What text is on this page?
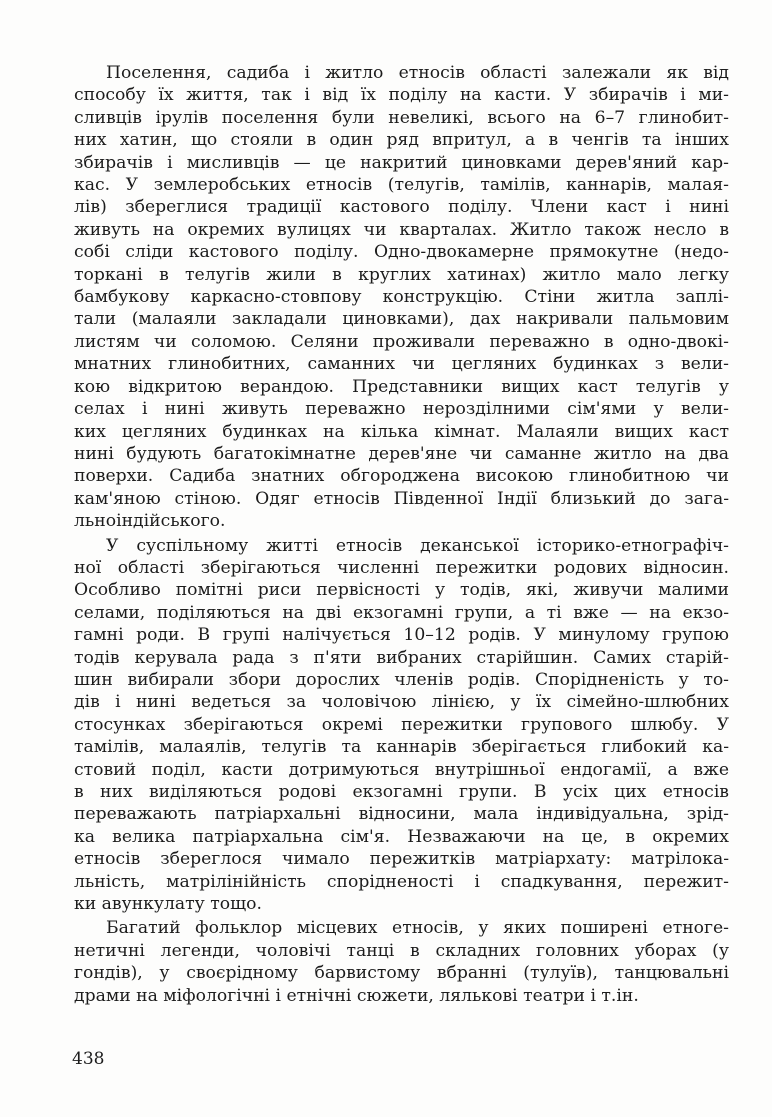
Поселення, садиба і житло етносів області залежали як від
способу їх життя, так і від їх поділу на касти. У збирачів і ми-
сливців ірулів поселення були невеликі, всього на 6–7 глинобит-
них хатин, що стояли в один ряд впритул, а в ченгів та інших
збирачів і мисливців — це накритий циновками дерев'яний кар-
кас. У землеробських етносів (телугів, тамілів, каннарів, малая-
лів) збереглися традиції кастового поділу. Члени каст і нині
живуть на окремих вулицях чи кварталах. Житло також несло в
собі сліди кастового поділу. Одно-двокамерне прямокутне (недо-
торкані в телугів жили в круглих хатинах) житло мало легку
бамбукову каркасно-стовпову конструкцію. Стіни житла заплі-
тали (малаяли закладали циновками), дах накривали пальмовим
листям чи соломою. Селяни проживали переважно в одно-двокі-
мнатних глинобитних, саманних чи цегляних будинках з вели-
кою відкритою верандою. Представники вищих каст телугів у
селах і нині живуть переважно нерозділними сім'ями у вели-
ких цегляних будинках на кілька кімнат. Малаяли вищих каст
нині будують багатокімнатне дерев'яне чи саманне житло на два
поверхи. Садиба знатних обгороджена високою глинобитною чи
кам'яною стіною. Одяг етносів Південної Індії близький до зага-
льноіндійського.

У суспільному житті етносів деканської історико-етнографіч-
ної області зберігаються численні пережитки родових відносин.
Особливо помітні риси первісності у тодів, які, живучи малими
селами, поділяються на дві екзогамні групи, а ті вже — на екзо-
гамні роди. В групі налічується 10–12 родів. У минулому групою
тодів керувала рада з п'яти вибраних старійшин. Самих старій-
шин вибирали збори дорослих членів родів. Спорідненість у то-
дів і нині ведеться за чоловічою лінією, у їх сімейно-шлюбних
стосунках зберігаються окремі пережитки групового шлюбу. У
тамілів, малаялів, телугів та каннарів зберігається глибокий ка-
стовий поділ, касти дотримуються внутрішньої ендогамії, а вже
в них виділяються родові екзогамні групи. В усіх цих етносів
переважають патріархальні відносини, мала індивідуальна, зрід-
ка велика патріархальна сім'я. Незважаючи на це, в окремих
етносів збереглося чимало пережитків матріархату: матрілока-
льність, матрілінійність спорідненості і спадкування, пережит-
ки авункулату тощо.

Багатий фольклор місцевих етносів, у яких поширені етноге-
нетичні легенди, чоловічі танці в складних головних уборах (у
гондів), у своєрідному барвистому вбранні (тулуїв), танцювальні
драми на міфологічні і етнічні сюжети, лялькові театри і т.ін.

438
